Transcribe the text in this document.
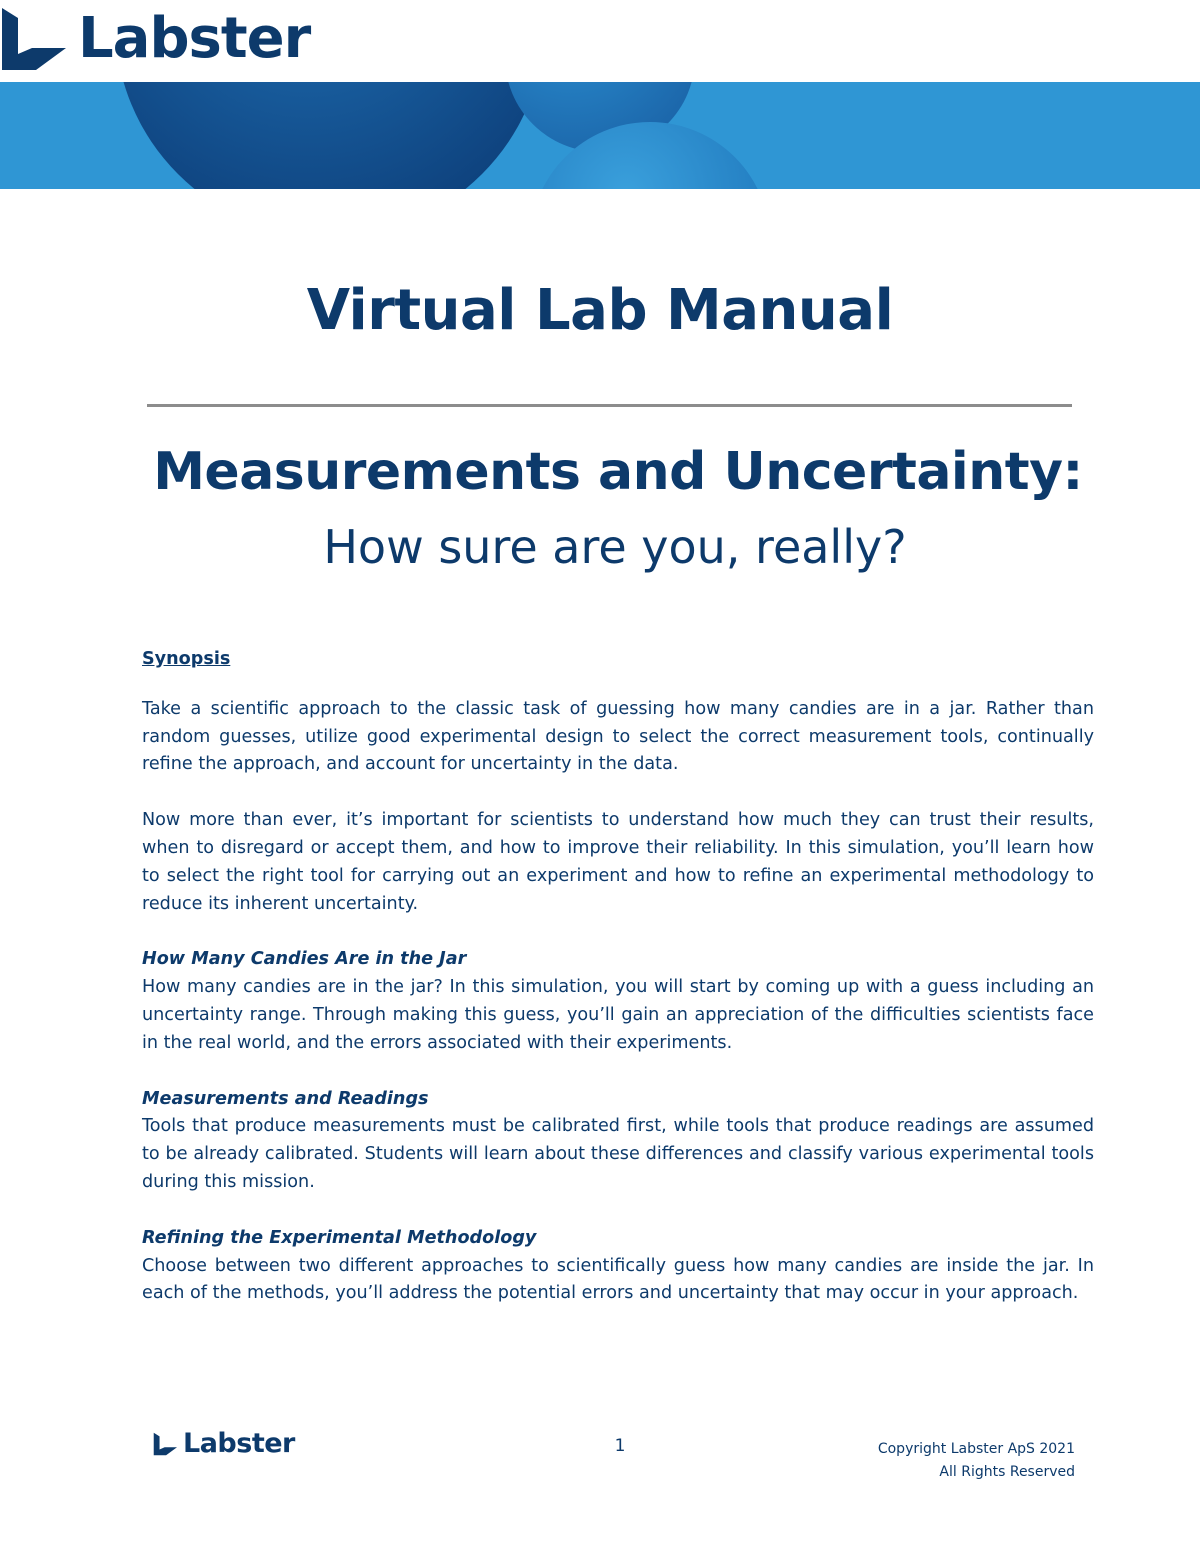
Labster
Virtual Lab Manual
Measurements and Uncertainty:
How sure are you, really?

Synopsis

Take a scientific approach to the classic task of guessing how many candies are in a jar. Rather than random guesses, utilize good experimental design to select the correct measurement tools, continually refine the approach, and account for uncertainty in the data.

Now more than ever, it’s important for scientists to understand how much they can trust their results, when to disregard or accept them, and how to improve their reliability. In this simulation, you’ll learn how to select the right tool for carrying out an experiment and how to refine an experimental methodology to reduce its inherent uncertainty.

How Many Candies Are in the Jar

How many candies are in the jar? In this simulation, you will start by coming up with a guess including an uncertainty range. Through making this guess, you’ll gain an appreciation of the difficulties scientists face in the real world, and the errors associated with their experiments.

Measurements and Readings

Tools that produce measurements must be calibrated first, while tools that produce readings are assumed to be already calibrated. Students will learn about these differences and classify various experimental tools during this mission.

Refining the Experimental Methodology

Choose between two different approaches to scientifically guess how many candies are inside the jar. In each of the methods, you’ll address the potential errors and uncertainty that may occur in your approach.

Labster	1	Copyright Labster ApS 2021
All Rights Reserved
